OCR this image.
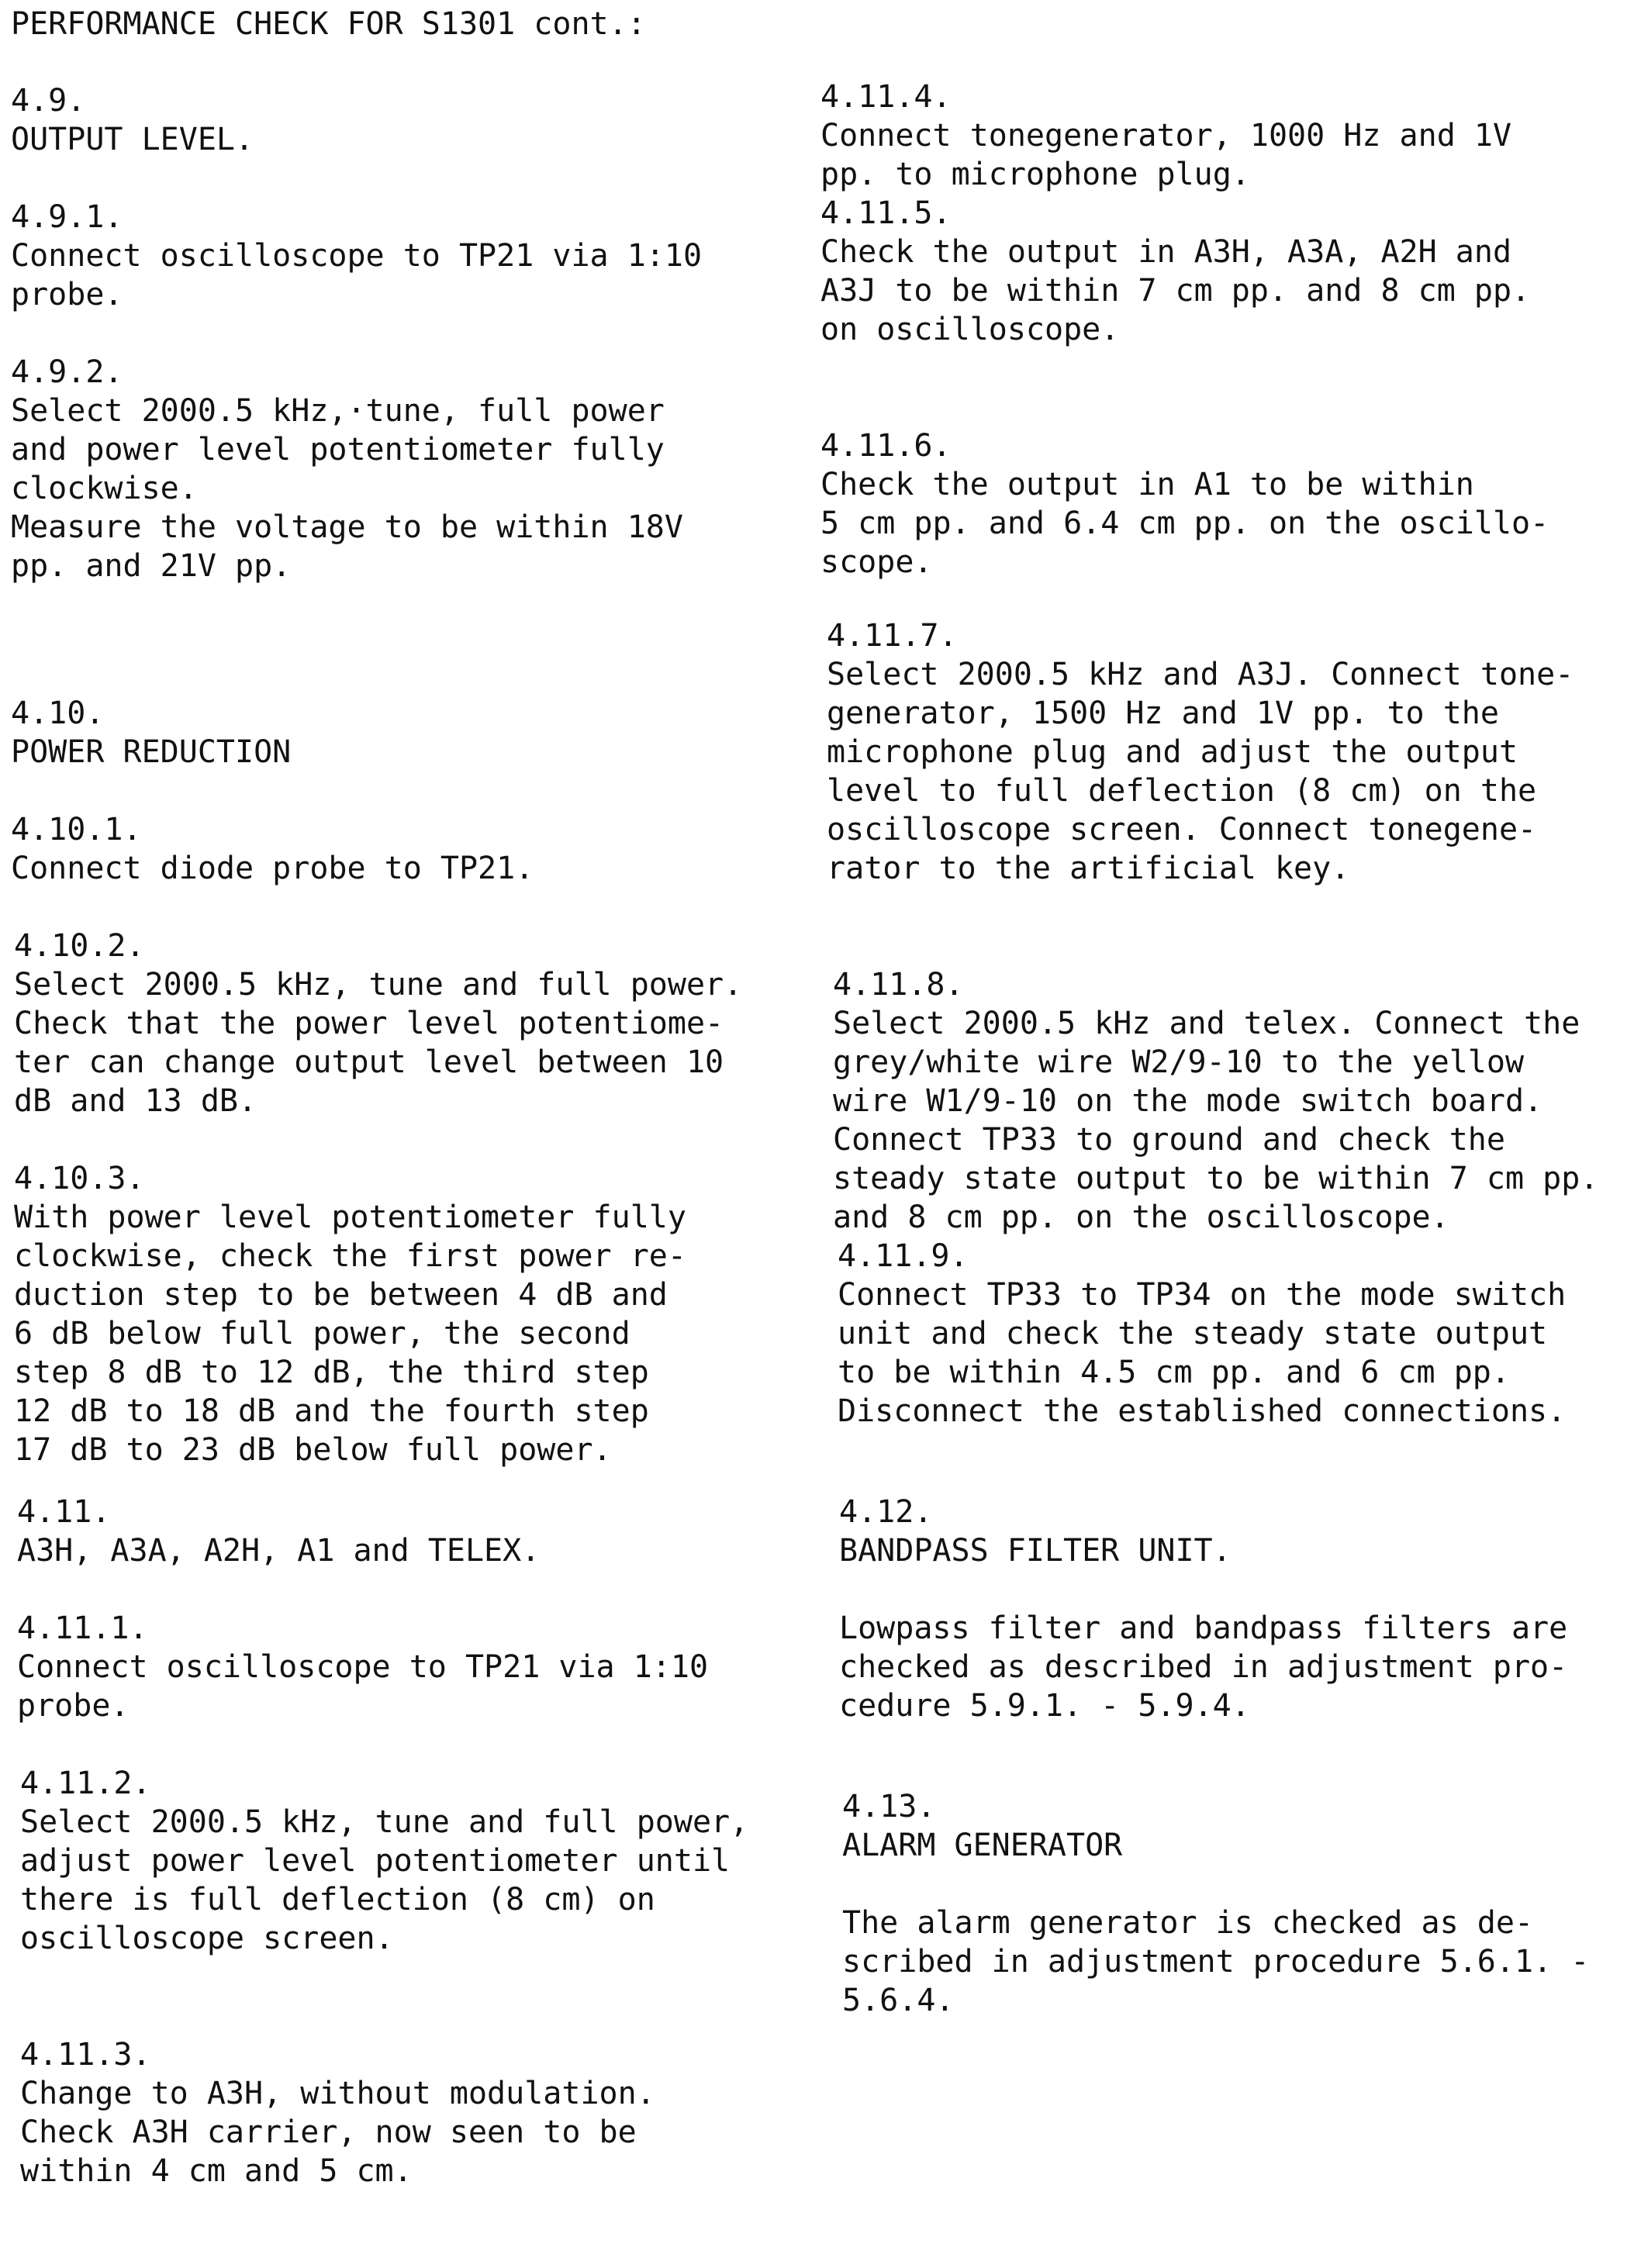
PERFORMANCE CHECK FOR S1301 cont.:
4.9.
OUTPUT LEVEL.
4.9.1.
Connect oscilloscope to TP21 via 1:10
probe.
4.9.2.
Select 2000.5 kHz,·tune, full power
and power level potentiometer fully
clockwise.
Measure the voltage to be within 18V
pp. and 21V pp.
4.10.
POWER REDUCTION
4.10.1.
Connect diode probe to TP21.
4.10.2.
Select 2000.5 kHz, tune and full power.
Check that the power level potentiome-
ter can change output level between 10
dB and 13 dB.
4.10.3.
With power level potentiometer fully
clockwise, check the first power re-
duction step to be between 4 dB and
6 dB below full power, the second
step 8 dB to 12 dB, the third step
12 dB to 18 dB and the fourth step
17 dB to 23 dB below full power.
4.11.
A3H, A3A, A2H, A1 and TELEX.
4.11.1.
Connect oscilloscope to TP21 via 1:10
probe.
4.11.2.
Select 2000.5 kHz, tune and full power,
adjust power level potentiometer until
there is full deflection (8 cm) on
oscilloscope screen.
4.11.3.
Change to A3H, without modulation.
Check A3H carrier, now seen to be
within 4 cm and 5 cm.
4.11.4.
Connect tonegenerator, 1000 Hz and 1V
pp. to microphone plug.
4.11.5.
Check the output in A3H, A3A, A2H and
A3J to be within 7 cm pp. and 8 cm pp.
on oscilloscope.
4.11.6.
Check the output in A1 to be within
5 cm pp. and 6.4 cm pp. on the oscillo-
scope.
4.11.7.
Select 2000.5 kHz and A3J. Connect tone-
generator, 1500 Hz and 1V pp. to the
microphone plug and adjust the output
level to full deflection (8 cm) on the
oscilloscope screen. Connect tonegene-
rator to the artificial key.
4.11.8.
Select 2000.5 kHz and telex. Connect the
grey/white wire W2/9-10 to the yellow
wire W1/9-10 on the mode switch board.
Connect TP33 to ground and check the
steady state output to be within 7 cm pp.
and 8 cm pp. on the oscilloscope.
4.11.9.
Connect TP33 to TP34 on the mode switch
unit and check the steady state output
to be within 4.5 cm pp. and 6 cm pp.
Disconnect the established connections.
4.12.
BANDPASS FILTER UNIT.
Lowpass filter and bandpass filters are
checked as described in adjustment pro-
cedure 5.9.1. - 5.9.4.
4.13.
ALARM GENERATOR
The alarm generator is checked as de-
scribed in adjustment procedure 5.6.1. -
5.6.4.
